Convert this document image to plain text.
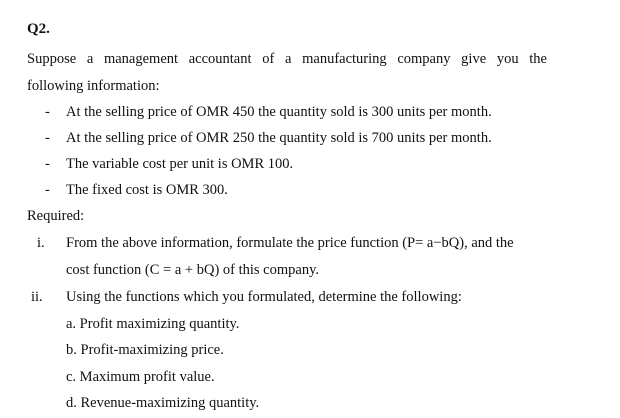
Q2.
Suppose a management accountant of a manufacturing company give you the
following information:
- At the selling price of OMR 450 the quantity sold is 300 units per month.
- At the selling price of OMR 250 the quantity sold is 700 units per month.
- The variable cost per unit is OMR 100.
- The fixed cost is OMR 300.
Required:
i. From the above information, formulate the price function (P= a−bQ), and the
cost function (C = a + bQ) of this company.
ii. Using the functions which you formulated, determine the following:
a. Profit maximizing quantity.
b. Profit-maximizing price.
c. Maximum profit value.
d. Revenue-maximizing quantity.
